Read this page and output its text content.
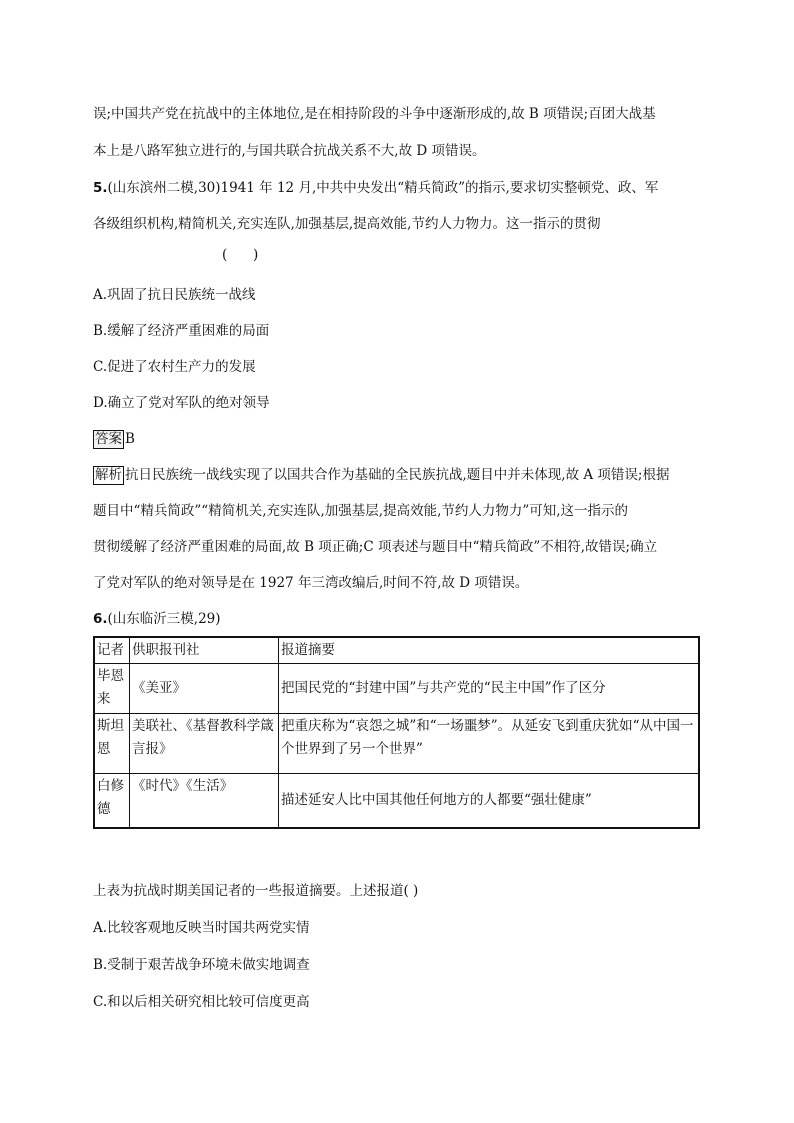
误;中国共产党在抗战中的主体地位,是在相持阶段的斗争中逐渐形成的,故 B 项错误;百团大战基
本上是八路军独立进行的,与国共联合抗战关系不大,故 D 项错误。
5.(山东滨州二模,30)1941 年 12 月,中共中央发出“精兵简政”的指示,要求切实整顿党、政、军
各级组织机构,精简机关,充实连队,加强基层,提高效能,节约人力物力。这一指示的贯彻
(      )
A.巩固了抗日民族统一战线
B.缓解了经济严重困难的局面
C.促进了农村生产力的发展
D.确立了党对军队的绝对领导
答案 B
解析 抗日民族统一战线实现了以国共合作为基础的全民族抗战,题目中并未体现,故 A 项错误;根据
题目中“精兵简政”“精简机关,充实连队,加强基层,提高效能,节约人力物力”可知,这一指示的
贯彻缓解了经济严重困难的局面,故 B 项正确;C 项表述与题目中“精兵简政”不相符,故错误;确立
了党对军队的绝对领导是在 1927 年三湾改编后,时间不符,故 D 项错误。
6.(山东临沂三模,29)
记者	供职报刊社	报道摘要
毕恩来	《美亚》	把国民党的“封建中国”与共产党的“民主中国”作了区分
斯坦恩	美联社、《基督教科学箴言报》	把重庆称为“哀怨之城”和“一场噩梦”。从延安飞到重庆犹如“从中国一个世界到了另一个世界”
白修德	《时代》《生活》	描述延安人比中国其他任何地方的人都要“强壮健康”
上表为抗战时期美国记者的一些报道摘要。上述报道( )
A.比较客观地反映当时国共两党实情
B.受制于艰苦战争环境未做实地调查
C.和以后相关研究相比较可信度更高
